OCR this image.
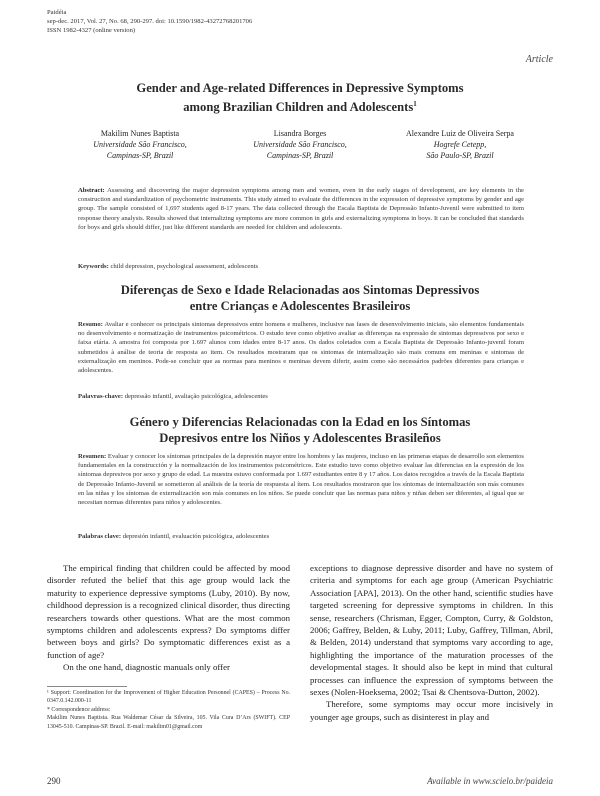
Paidéia
sep-dec. 2017, Vol. 27, No. 68, 290-297. doi: 10.1590/1982-43272768201706
ISSN 1982-4327 (online version)
Article
Gender and Age-related Differences in Depressive Symptoms
among Brazilian Children and Adolescents$^1$
Makilim Nunes Baptista
Universidade São Francisco,
Campinas-SP, Brazil
Lisandra Borges
Universidade São Francisco,
Campinas-SP, Brazil
Alexandre Luiz de Oliveira Serpa
Hogrefe Cetepp,
São Paulo-SP, Brazil
Abstract: Assessing and discovering the major depression symptoms among men and women, even in the early stages of development, are key elements in the construction and standardization of psychometric instruments. This study aimed to evaluate the differences in the expression of depressive symptoms by gender and age group. The sample consisted of 1,697 students aged 8-17 years. The data collected through the Escala Baptista de Depressão Infanto-Juvenil were submitted to item response theory analysis. Results showed that internalizing symptoms are more common in girls and externalizing symptoms in boys. It can be concluded that standards for boys and girls should differ, just like different standards are needed for children and adolescents.
Keywords: child depression, psychological assessment, adolescents
Diferenças de Sexo e Idade Relacionadas aos Sintomas Depressivos
entre Crianças e Adolescentes Brasileiros
Resumo: Avaliar e conhecer os principais sintomas depressivos entre homens e mulheres, inclusive nas fases de desenvolvimento iniciais, são elementos fundamentais no desenvolvimento e normatização de instrumentos psicométricos. O estudo teve como objetivo avaliar as diferenças na expressão de sintomas depressivos por sexo e faixa etária. A amostra foi composta por 1.697 alunos com idades entre 8-17 anos. Os dados coletados com a Escala Baptista de Depressão Infanto-juvenil foram submetidos à análise de teoria de resposta ao item. Os resultados mostraram que os sintomas de internalização são mais comuns em meninas e sintomas de externalização em meninos. Pode-se concluir que as normas para meninos e meninas devem diferir, assim como são necessários padrões diferentes para crianças e adolescentes.
Palavras-chave: depressão infantil, avaliação psicológica, adolescentes
Género y Diferencias Relacionadas con la Edad en los Síntomas
Depresivos entre los Niños y Adolescentes Brasileños
Resumen: Evaluar y conocer los síntomas principales de la depresión mayor entre los hombres y las mujeres, incluso en las primeras etapas de desarrollo son elementos fundamentales en la construcción y la normalización de los instrumentos psicométricos. Este estudio tuvo como objetivo evaluar las diferencias en la expresión de los síntomas depresivos por sexo y grupo de edad. La muestra estuvo conformada por 1.697 estudiantes entre 8 y 17 años. Los datos recogidos a través de la Escala Baptista de Depressão Infanto-Juvenil se sometieron al análisis de la teoría de respuesta al ítem. Los resultados mostraron que los síntomas de internalización son más comunes en las niñas y los síntomas de externalización son más comunes en los niños. Se puede concluir que las normas para niños y niñas deben ser diferentes, al igual que se necesitan normas diferentes para niños y adolescentes.
Palabras clave: depresión infantil, evaluación psicológica, adolescentes

The empirical finding that children could be affected by mood disorder refuted the belief that this age group would lack the maturity to experience depressive symptoms (Luby, 2010). By now, childhood depression is a recognized clinical disorder, thus directing researchers towards other questions. What are the most common symptoms children and adolescents express? Do symptoms differ between boys and girls? Do symptomatic differences exist as a function of age?

On the one hand, diagnostic manuals only offer

¹ Support: Coordination for the Improvement of Higher Education Personnel (CAPES) – Process No. 0347.0.142.000-11
* Correspondence address:
Makilim Nunes Baptista. Rua Waldemar César da Silveira, 105. Vila Cura D’Ars (SWIFT). CEP 13045-510. Campinas-SP. Brazil. E-mail: makilim01@gmail.com

exceptions to diagnose depressive disorder and have no system of criteria and symptoms for each age group (American Psychiatric Association [APA], 2013). On the other hand, scientific studies have targeted screening for depressive symptoms in children. In this sense, researchers (Chrisman, Egger, Compton, Curry, & Goldston, 2006; Gaffrey, Belden, & Luby, 2011; Luby, Gaffrey, Tillman, Abril, & Belden, 2014) understand that symptoms vary according to age, highlighting the importance of the maturation processes of the developmental stages. It should also be kept in mind that cultural processes can influence the expression of symptoms between the sexes (Nolen-Hoeksema, 2002; Tsai & Chentsova-Dutton, 2002).

Therefore, some symptoms may occur more incisively in younger age groups, such as disinterest in play and

290	Available in www.scielo.br/paideia
